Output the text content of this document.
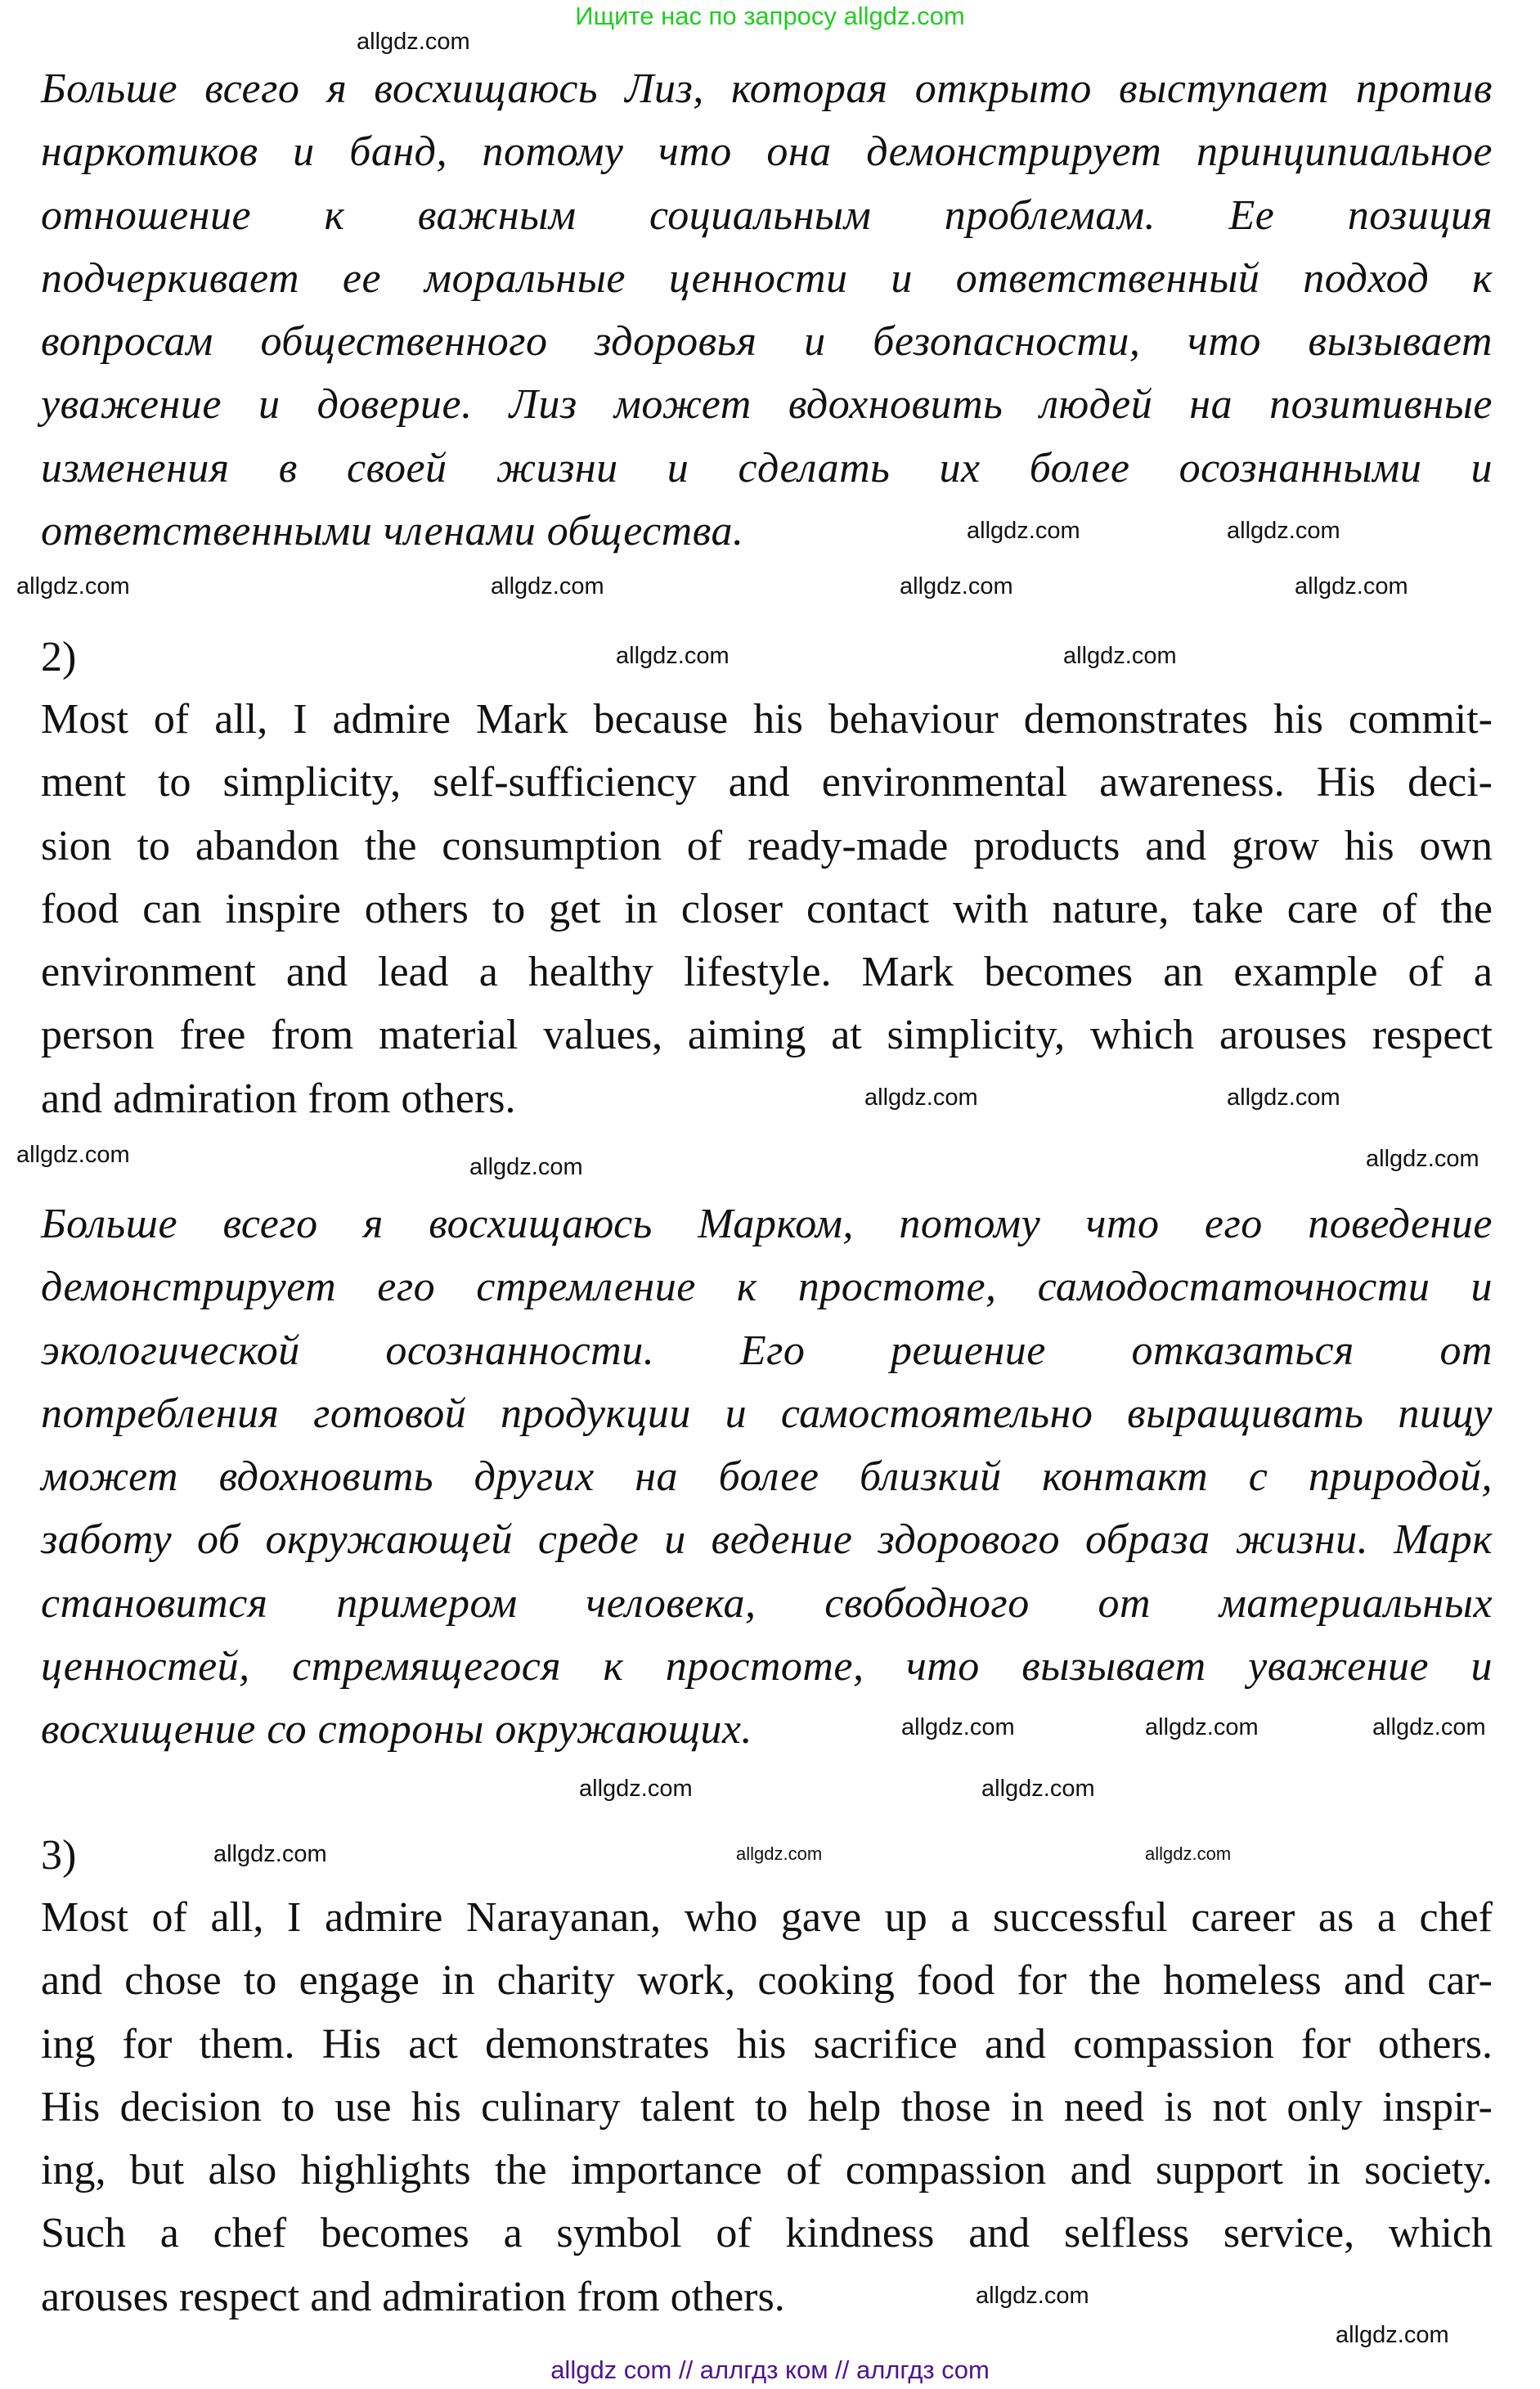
Ищите нас по запросу allgdz.com
Больше всего я восхищаюсь Лиз, которая открыто выступает против
наркотиков и банд, потому что она демонстрирует принципиальное
отношение к важным социальным проблемам. Ее позиция
подчеркивает ее моральные ценности и ответственный подход к
вопросам общественного здоровья и безопасности, что вызывает
уважение и доверие. Лиз может вдохновить людей на позитивные
изменения в своей жизни и сделать их более осознанными и
ответственными членами общества.
2)
Most of all, I admire Mark because his behaviour demonstrates his commit-
ment to simplicity, self-sufficiency and environmental awareness. His deci-
sion to abandon the consumption of ready-made products and grow his own
food can inspire others to get in closer contact with nature, take care of the
environment and lead a healthy lifestyle. Mark becomes an example of a
person free from material values, aiming at simplicity, which arouses respect
and admiration from others.
Больше всего я восхищаюсь Марком, потому что его поведение
демонстрирует его стремление к простоте, самодостаточности и
экологической осознанности. Его решение отказаться от
потребления готовой продукции и самостоятельно выращивать пищу
может вдохновить других на более близкий контакт с природой,
заботу об окружающей среде и ведение здорового образа жизни. Марк
становится примером человека, свободного от материальных
ценностей, стремящегося к простоте, что вызывает уважение и
восхищение со стороны окружающих.
3)
Most of all, I admire Narayanan, who gave up a successful career as a chef
and chose to engage in charity work, cooking food for the homeless and car-
ing for them. His act demonstrates his sacrifice and compassion for others.
His decision to use his culinary talent to help those in need is not only inspir-
ing, but also highlights the importance of compassion and support in society.
Such a chef becomes a symbol of kindness and selfless service, which
arouses respect and admiration from others.
allgdz.com
allgdz.com
allgdz.com	allgdz.com
allgdz.com
allgdz.com	allgdz.com
allgdz.com	allgdz.com
allgdz.com
allgdz.com	allgdz.com	allgdz.com
allgdz.com
allgdz.com
allgdz.com
allgdz.com
allgdz.com
allgdz.com
allgdz.com	allgdz.com	allgdz.com
allgdz.com
allgdz.com
allgdz com // аллгдз ком // аллгдз com
